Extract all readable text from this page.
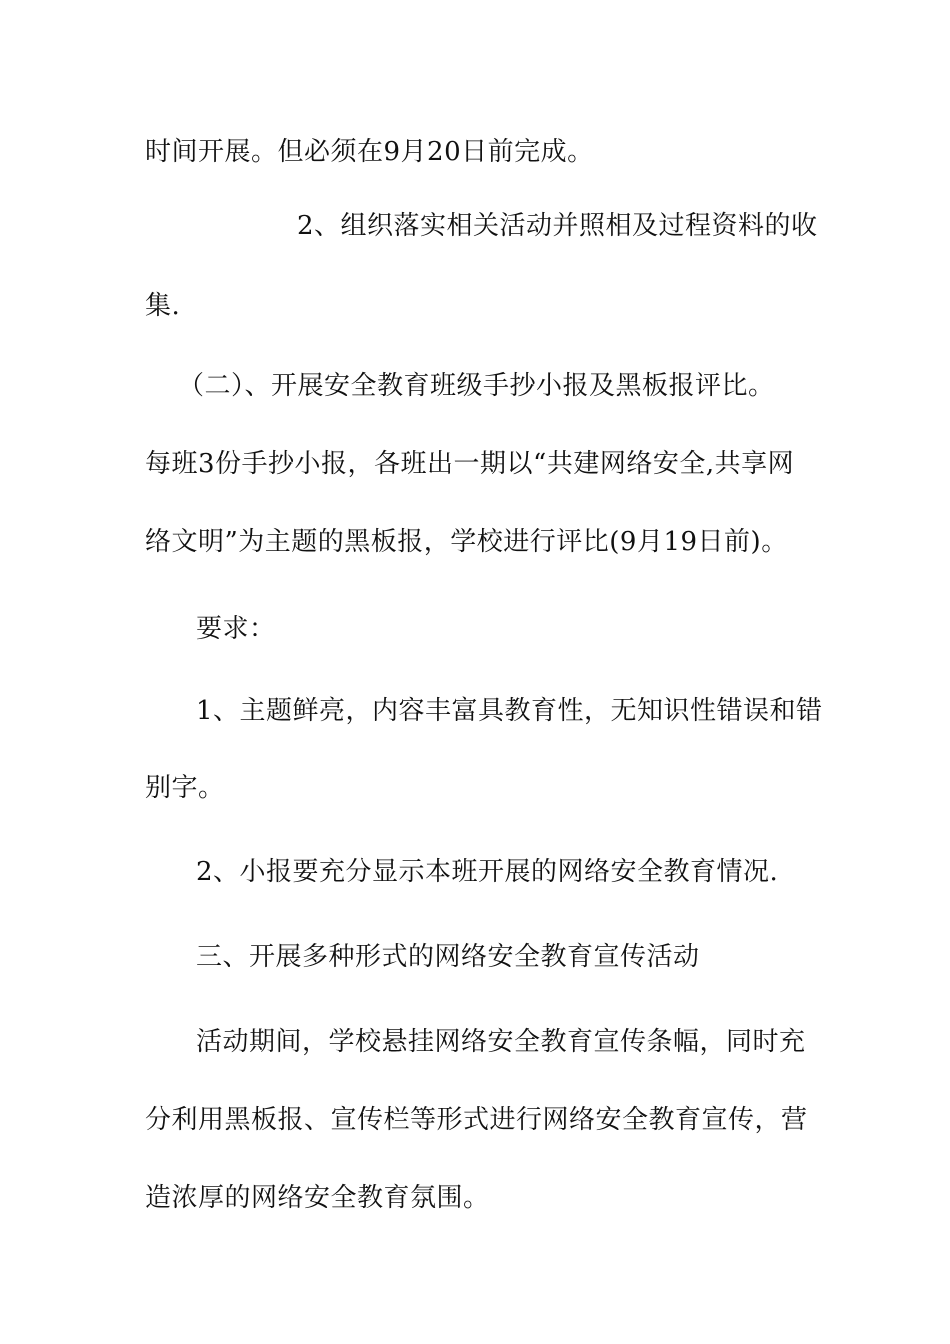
时间开展。但必须在9月20日前完成。
2、组织落实相关活动并照相及过程资料的收
集.
（二）、开展安全教育班级手抄小报及黑板报评比。
每班3份手抄小报，各班出一期以“共建网络安全,共享网
络文明”为主题的黑板报，学校进行评比(9月19日前)。
要求：
1、主题鲜亮，内容丰富具教育性，无知识性错误和错
别字。
2、小报要充分显示本班开展的网络安全教育情况.
三、开展多种形式的网络安全教育宣传活动
活动期间，学校悬挂网络安全教育宣传条幅，同时充
分利用黑板报、宣传栏等形式进行网络安全教育宣传，营
造浓厚的网络安全教育氛围。
